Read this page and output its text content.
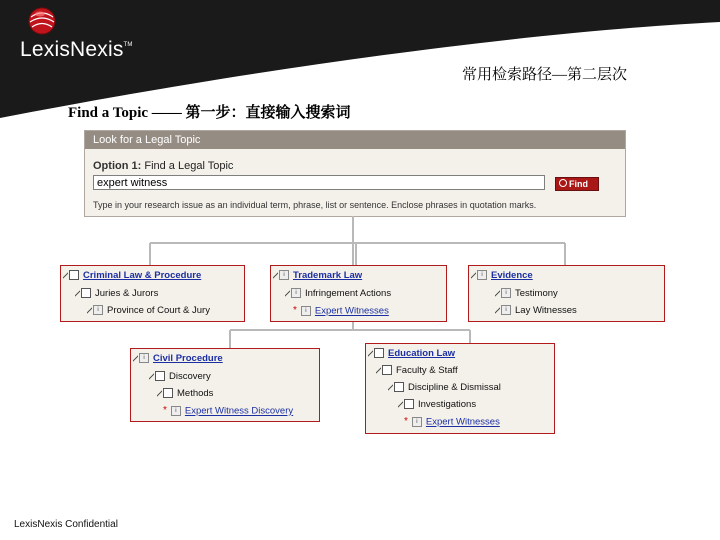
LexisNexis™
常用检索路径—第二层次
Find a Topic —— 第一步：直接输入搜索词
Look for a Legal Topic
Option 1: Find a Legal Topic
expert witness
Find
Type in your research issue as an individual term, phrase, list or sentence. Enclose phrases in quotation marks.
Criminal Law & Procedure
Juries & Jurors
i Province of Court & Jury
i Trademark Law
i Infringement Actions
* i Expert Witnesses
i Evidence
i Testimony
i Lay Witnesses
i Civil Procedure
Discovery
Methods
* i Expert Witness Discovery
Education Law
Faculty & Staff
Discipline & Dismissal
Investigations
* i Expert Witnesses
LexisNexis Confidential
